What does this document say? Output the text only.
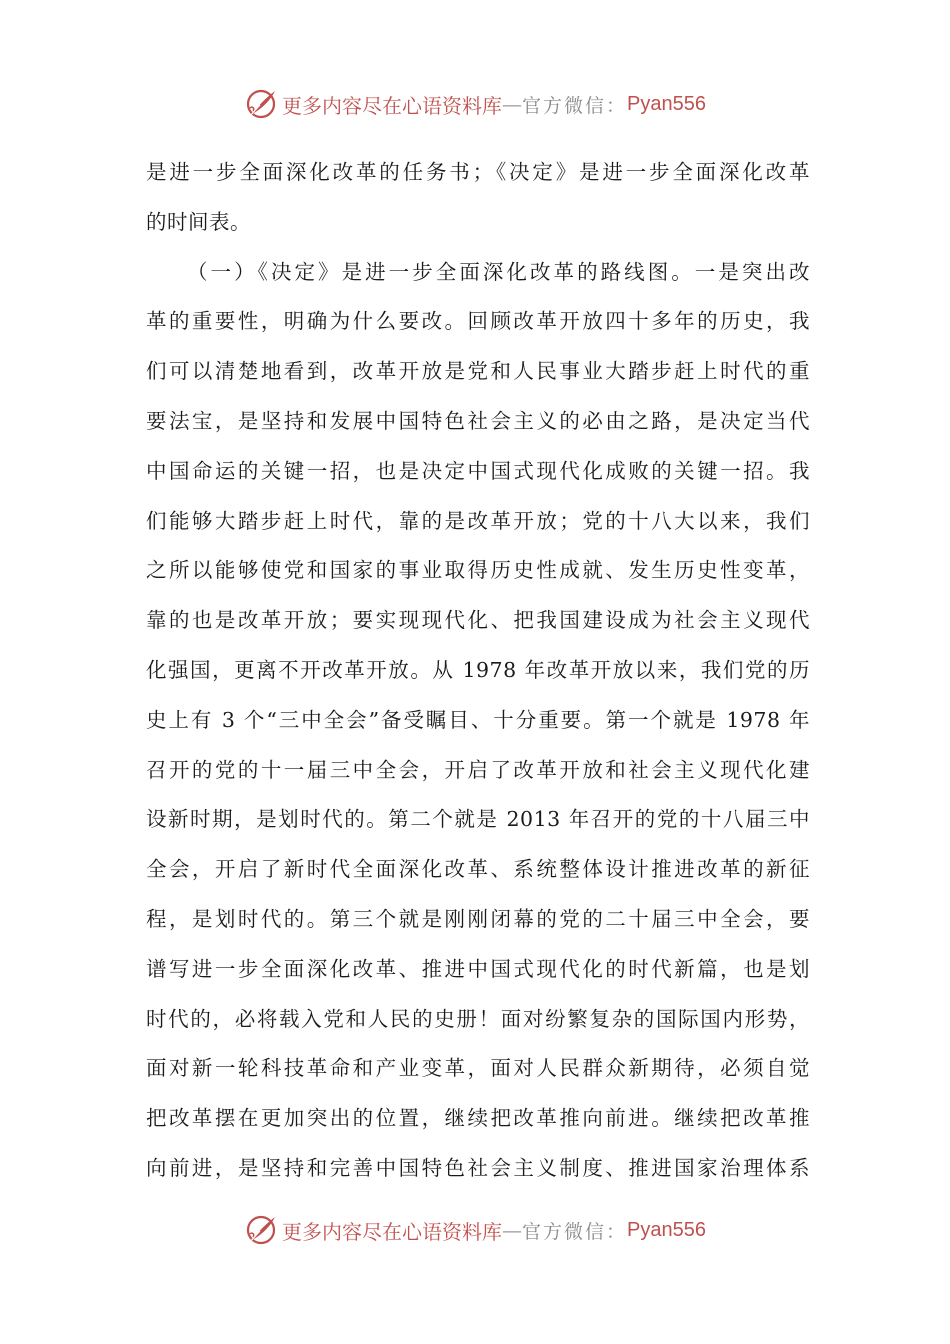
更多内容尽在心语资料库 — 官方微信： Pyan556
是进一步全面深化改革的任务书；《决定》是进一步全面深化改革
的时间表。
（一）《决定》是进一步全面深化改革的路线图。一是突出改
革的重要性，明确为什么要改。回顾改革开放四十多年的历史，我
们可以清楚地看到，改革开放是党和人民事业大踏步赶上时代的重
要法宝，是坚持和发展中国特色社会主义的必由之路，是决定当代
中国命运的关键一招，也是决定中国式现代化成败的关键一招。我
们能够大踏步赶上时代，靠的是改革开放；党的十八大以来，我们
之所以能够使党和国家的事业取得历史性成就、发生历史性变革，
靠的也是改革开放；要实现现代化、把我国建设成为社会主义现代
化强国，更离不开改革开放。从 1978 年改革开放以来，我们党的历
史上有 3 个“三中全会”备受瞩目、十分重要。第一个就是 1978 年
召开的党的十一届三中全会，开启了改革开放和社会主义现代化建
设新时期，是划时代的。第二个就是 2013 年召开的党的十八届三中
全会，开启了新时代全面深化改革、系统整体设计推进改革的新征
程，是划时代的。第三个就是刚刚闭幕的党的二十届三中全会，要
谱写进一步全面深化改革、推进中国式现代化的时代新篇，也是划
时代的，必将载入党和人民的史册！面对纷繁复杂的国际国内形势，
面对新一轮科技革命和产业变革，面对人民群众新期待，必须自觉
把改革摆在更加突出的位置，继续把改革推向前进。继续把改革推
向前进，是坚持和完善中国特色社会主义制度、推进国家治理体系
更多内容尽在心语资料库 — 官方微信： Pyan556
